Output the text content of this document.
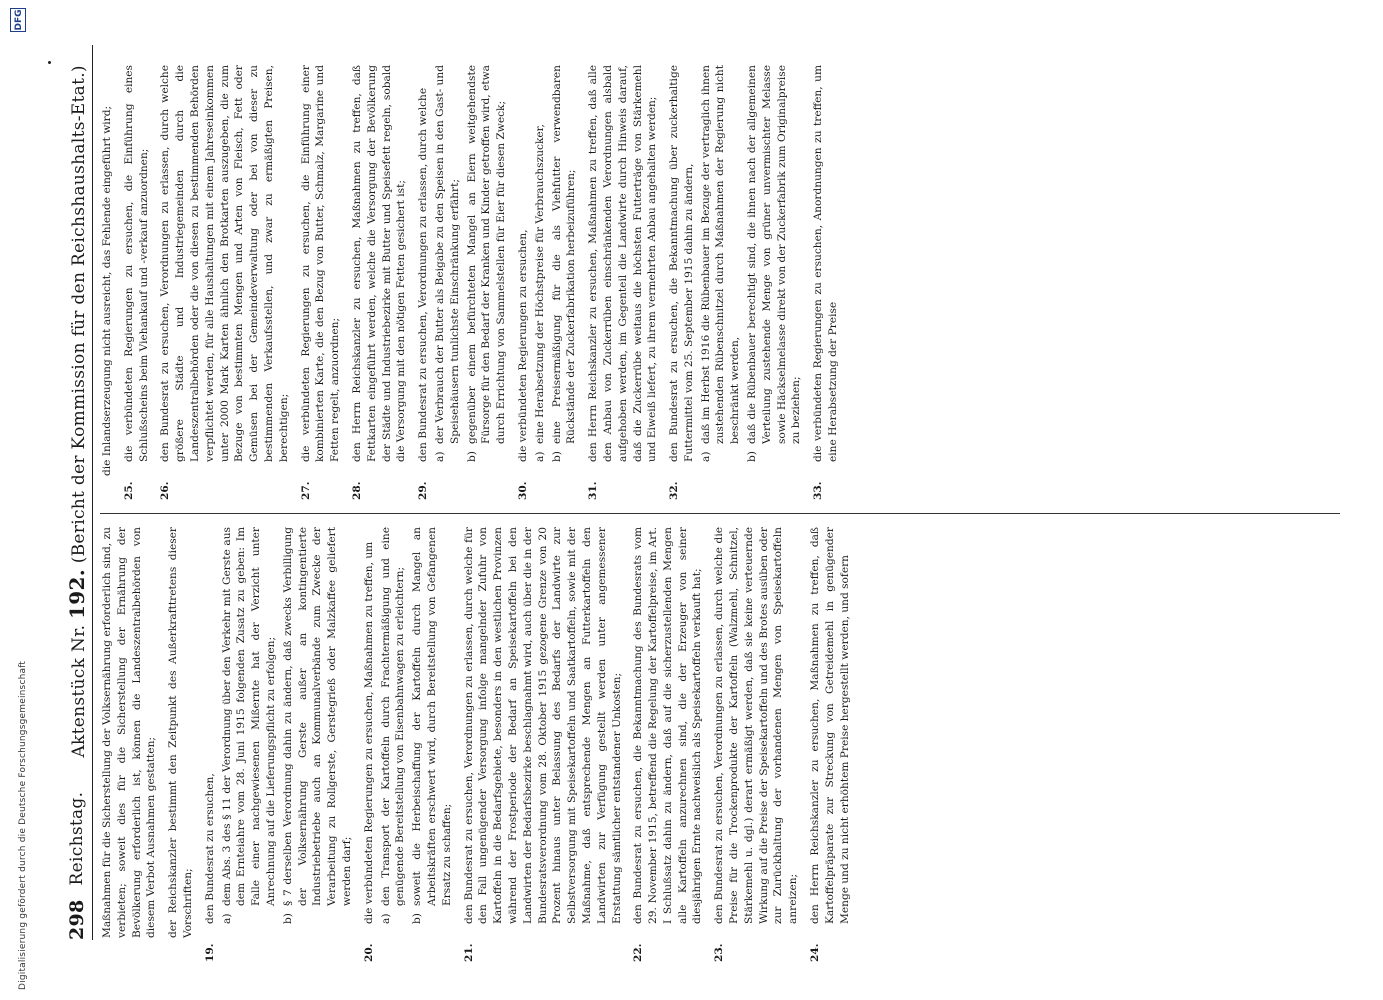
Digitalisierung gefördert durch die Deutsche Forschungsgemeinschaft
DFG
298
Reichstag.
Aktenstück Nr. 192. (Bericht der Kommission für den Reichshaushalts-Etat.)
Maßnahmen für die Sicherstellung der Volksernährung erforderlich sind, zu verbieten; soweit dies für die Sicherstellung der Ernährung der Bevölkerung erforderlich ist, können die Landeszentralbehörden von diesem Verbot Ausnahmen gestatten; der Reichskanzler bestimmt den Zeitpunkt des Außerkrafttretens dieser Vorschriften;
19.
den Bundesrat zu ersuchen, a)
dem Abs. 3 des § 11 der Verordnung über den Verkehr mit Gerste aus dem Ernteiahre vom 28. Juni 1915 folgenden Zusatz zu geben: Im Falle einer nachgewiesenen Mißernte hat der Verzicht unter Anrechnung auf die Lieferungspflicht zu erfolgen;
b)
§ 7 derselben Verordnung dahin zu ändern, daß zwecks Verbilligung der Volksernährung Gerste außer an kontingentierte Industriebetriebe auch an Kommunalverbände zum Zwecke der Verarbeitung zu Rollgerste, Gerstegrieß oder Malzkaffee geliefert werden darf;
20.
die verbündeten Regierungen zu ersuchen, Maßnahmen zu treffen, um a)
den Transport der Kartoffeln durch Frachtermäßigung und eine genügende Bereitstellung von Eisenbahnwagen zu erleichtern;
b)
soweit die Herbeischaffung der Kartoffeln durch Mangel an Arbeitskräften erschwert wird, durch Bereitstellung von Gefangenen Ersatz zu schaffen;
21.
den Bundesrat zu ersuchen, Verordnungen zu erlassen, durch welche für den Fall ungenügender Versorgung infolge mangelnder Zufuhr von Kartoffeln in die Bedarfsgebiete, besonders in den westlichen Provinzen während der Frostperiode der Bedarf an Speisekartoffeln bei den Landwirten der Bedarfsbezirke beschlagnahmt wird, auch über die in der Bundesratsverordnung vom 28. Oktober 1915 gezogene Grenze von 20 Prozent hinaus unter Belassung des Bedarfs der Landwirte zur Selbstversorgung mit Speisekartoffeln und Saatkartoffeln, sowie mit der Maßnahme, daß entsprechende Mengen an Futterkartoffeln den Landwirten zur Verfügung gestellt werden unter angemessener Erstattung sämtlicher entstandener Unkosten;
22.
den Bundesrat zu ersuchen, die Bekanntmachung des Bundesrats vom 29. November 1915, betreffend die Regelung der Kartoffelpreise, im Art. I Schlußsatz dahin zu ändern, daß auf die sicherzustellenden Mengen alle Kartoffeln anzurechnen sind, die der Erzeuger von seiner diesjährigen Ernte nachweislich als Speisekartoffeln verkauft hat;
23.
den Bundesrat zu ersuchen, Verordnungen zu erlassen, durch welche die Preise für die Trockenprodukte der Kartoffeln (Walzmehl, Schnitzel, Stärkemehl u. dgl.) derart ermäßigt werden, daß sie keine verteuernde Wirkung auf die Preise der Speisekartoffeln und des Brotes ausüben oder zur Zurückhaltung der vorhandenen Mengen von Speisekartoffeln anreizen;
24.
den Herrn Reichskanzler zu ersuchen, Maßnahmen zu treffen, daß Kartoffelpräparate zur Streckung von Getreidemehl in genügender Menge und zu nicht erhöhtem Preise hergestellt werden, und sofern
die Inlandserzeugung nicht ausreicht, das Fehlende eingeführt wird;
25.
die verbündeten Regierungen zu ersuchen, die Einführung eines Schlußscheins beim Viehankauf und -verkauf anzuordnen;
26.
den Bundesrat zu ersuchen, Verordnungen zu erlassen, durch welche größere Städte und Industriegemeinden durch die Landeszentralbehörden oder die von diesen zu bestimmenden Behörden verpflichtet werden, für alle Haushaltungen mit einem Jahreseinkommen unter 2000 Mark Karten ähnlich den Brotkarten auszugeben, die zum Bezuge von bestimmten Mengen und Arten von Fleisch, Fett oder Gemüsen bei der Gemeindeverwaltung oder bei von dieser zu bestimmenden Verkaufsstellen, und zwar zu ermäßigten Preisen, berechtigen;
27.
die verbündeten Regierungen zu ersuchen, die Einführung einer kombinierten Karte, die den Bezug von Butter, Schmalz, Margarine und Fetten regelt, anzuordnen;
28.
den Herrn Reichskanzler zu ersuchen, Maßnahmen zu treffen, daß Fettkarten eingeführt werden, welche die Versorgung der Bevölkerung der Städte und Industriebezirke mit Butter und Speisefett regeln, sobald die Versorgung mit den nötigen Fetten gesichert ist;
29.
den Bundesrat zu ersuchen, Verordnungen zu erlassen, durch welche a)
der Verbrauch der Butter als Beigabe zu den Speisen in den Gast- und Speisehäusern tunlichste Einschränkung erfährt;
b)
gegenüber einem befürchteten Mangel an Eiern weitgehendste Fürsorge für den Bedarf der Kranken und Kinder getroffen wird, etwa durch Errichtung von Sammelstellen für Eier für diesen Zweck;
30.
die verbündeten Regierungen zu ersuchen, a)
eine Herabsetzung der Höchstpreise für Verbrauchszucker,
b)
eine Preisermäßigung für die als Viehfutter verwendbaren Rückstände der Zuckerfabrikation herbeizuführen;
31.
den Herrn Reichskanzler zu ersuchen, Maßnahmen zu treffen, daß alle den Anbau von Zuckerrüben einschränkenden Verordnungen alsbald aufgehoben werden, im Gegenteil die Landwirte durch Hinweis darauf, daß die Zuckerrübe weitaus die höchsten Futterträge von Stärkemehl und Eiweiß liefert, zu ihrem vermehrten Anbau angehalten werden;
32.
den Bundesrat zu ersuchen, die Bekanntmachung über zuckerhaltige Futtermittel vom 25. September 1915 dahin zu ändern, a)
daß im Herbst 1916 die Rübenbauer im Bezuge der vertraglich ihnen zustehenden Rübenschnitzel durch Maßnahmen der Regierung nicht beschränkt werden,
b)
daß die Rübenbauer berechtigt sind, die ihnen nach der allgemeinen Verteilung zustehende Menge von grüner unvermischter Melasse sowie Häckselmelasse direkt von der Zuckerfabrik zum Originalpreise zu beziehen;
33.
die verbündeten Regierungen zu ersuchen, Anordnungen zu treffen, um eine Herabsetzung der Preise
